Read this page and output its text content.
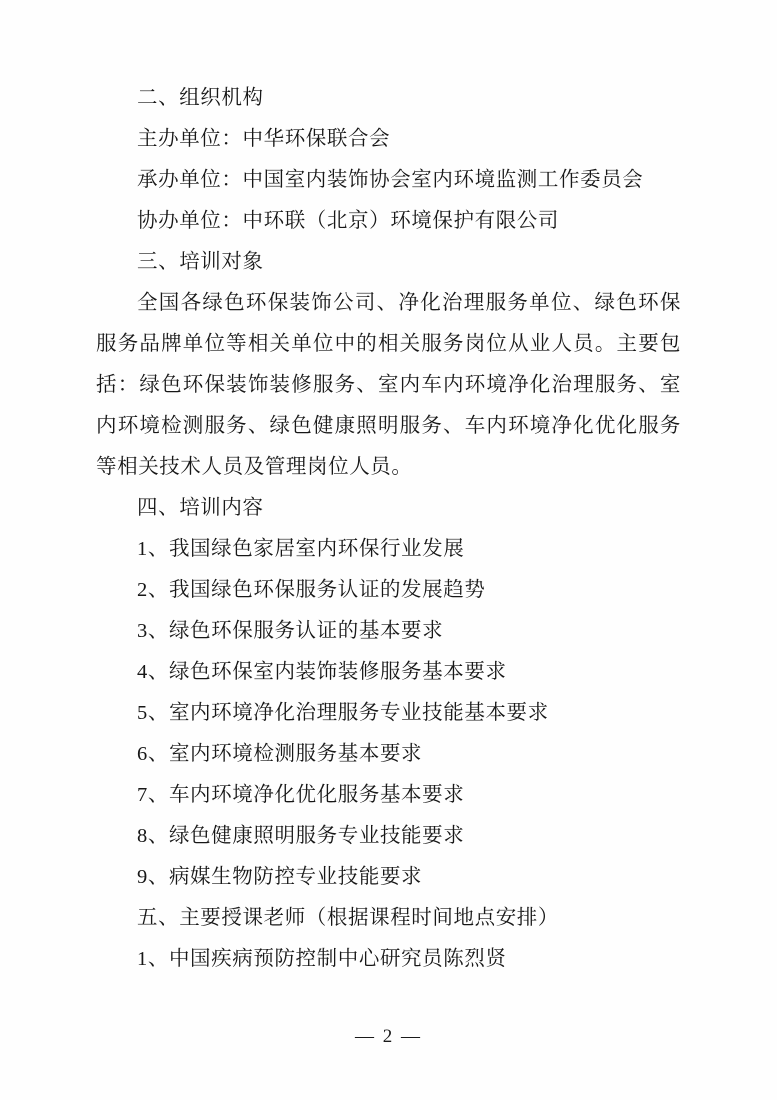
二、组织机构

主办单位：中华环保联合会

承办单位：中国室内装饰协会室内环境监测工作委员会

协办单位：中环联（北京）环境保护有限公司

三、培训对象

全国各绿色环保装饰公司、净化治理服务单位、绿色环保服务品牌单位等相关单位中的相关服务岗位从业人员。主要包括：绿色环保装饰装修服务、室内车内环境净化治理服务、室内环境检测服务、绿色健康照明服务、车内环境净化优化服务等相关技术人员及管理岗位人员。

四、培训内容

1、我国绿色家居室内环保行业发展

2、我国绿色环保服务认证的发展趋势

3、绿色环保服务认证的基本要求

4、绿色环保室内装饰装修服务基本要求

5、室内环境净化治理服务专业技能基本要求

6、室内环境检测服务基本要求

7、车内环境净化优化服务基本要求

8、绿色健康照明服务专业技能要求

9、病媒生物防控专业技能要求

五、主要授课老师（根据课程时间地点安排）

1、中国疾病预防控制中心研究员陈烈贤

— 2 —
